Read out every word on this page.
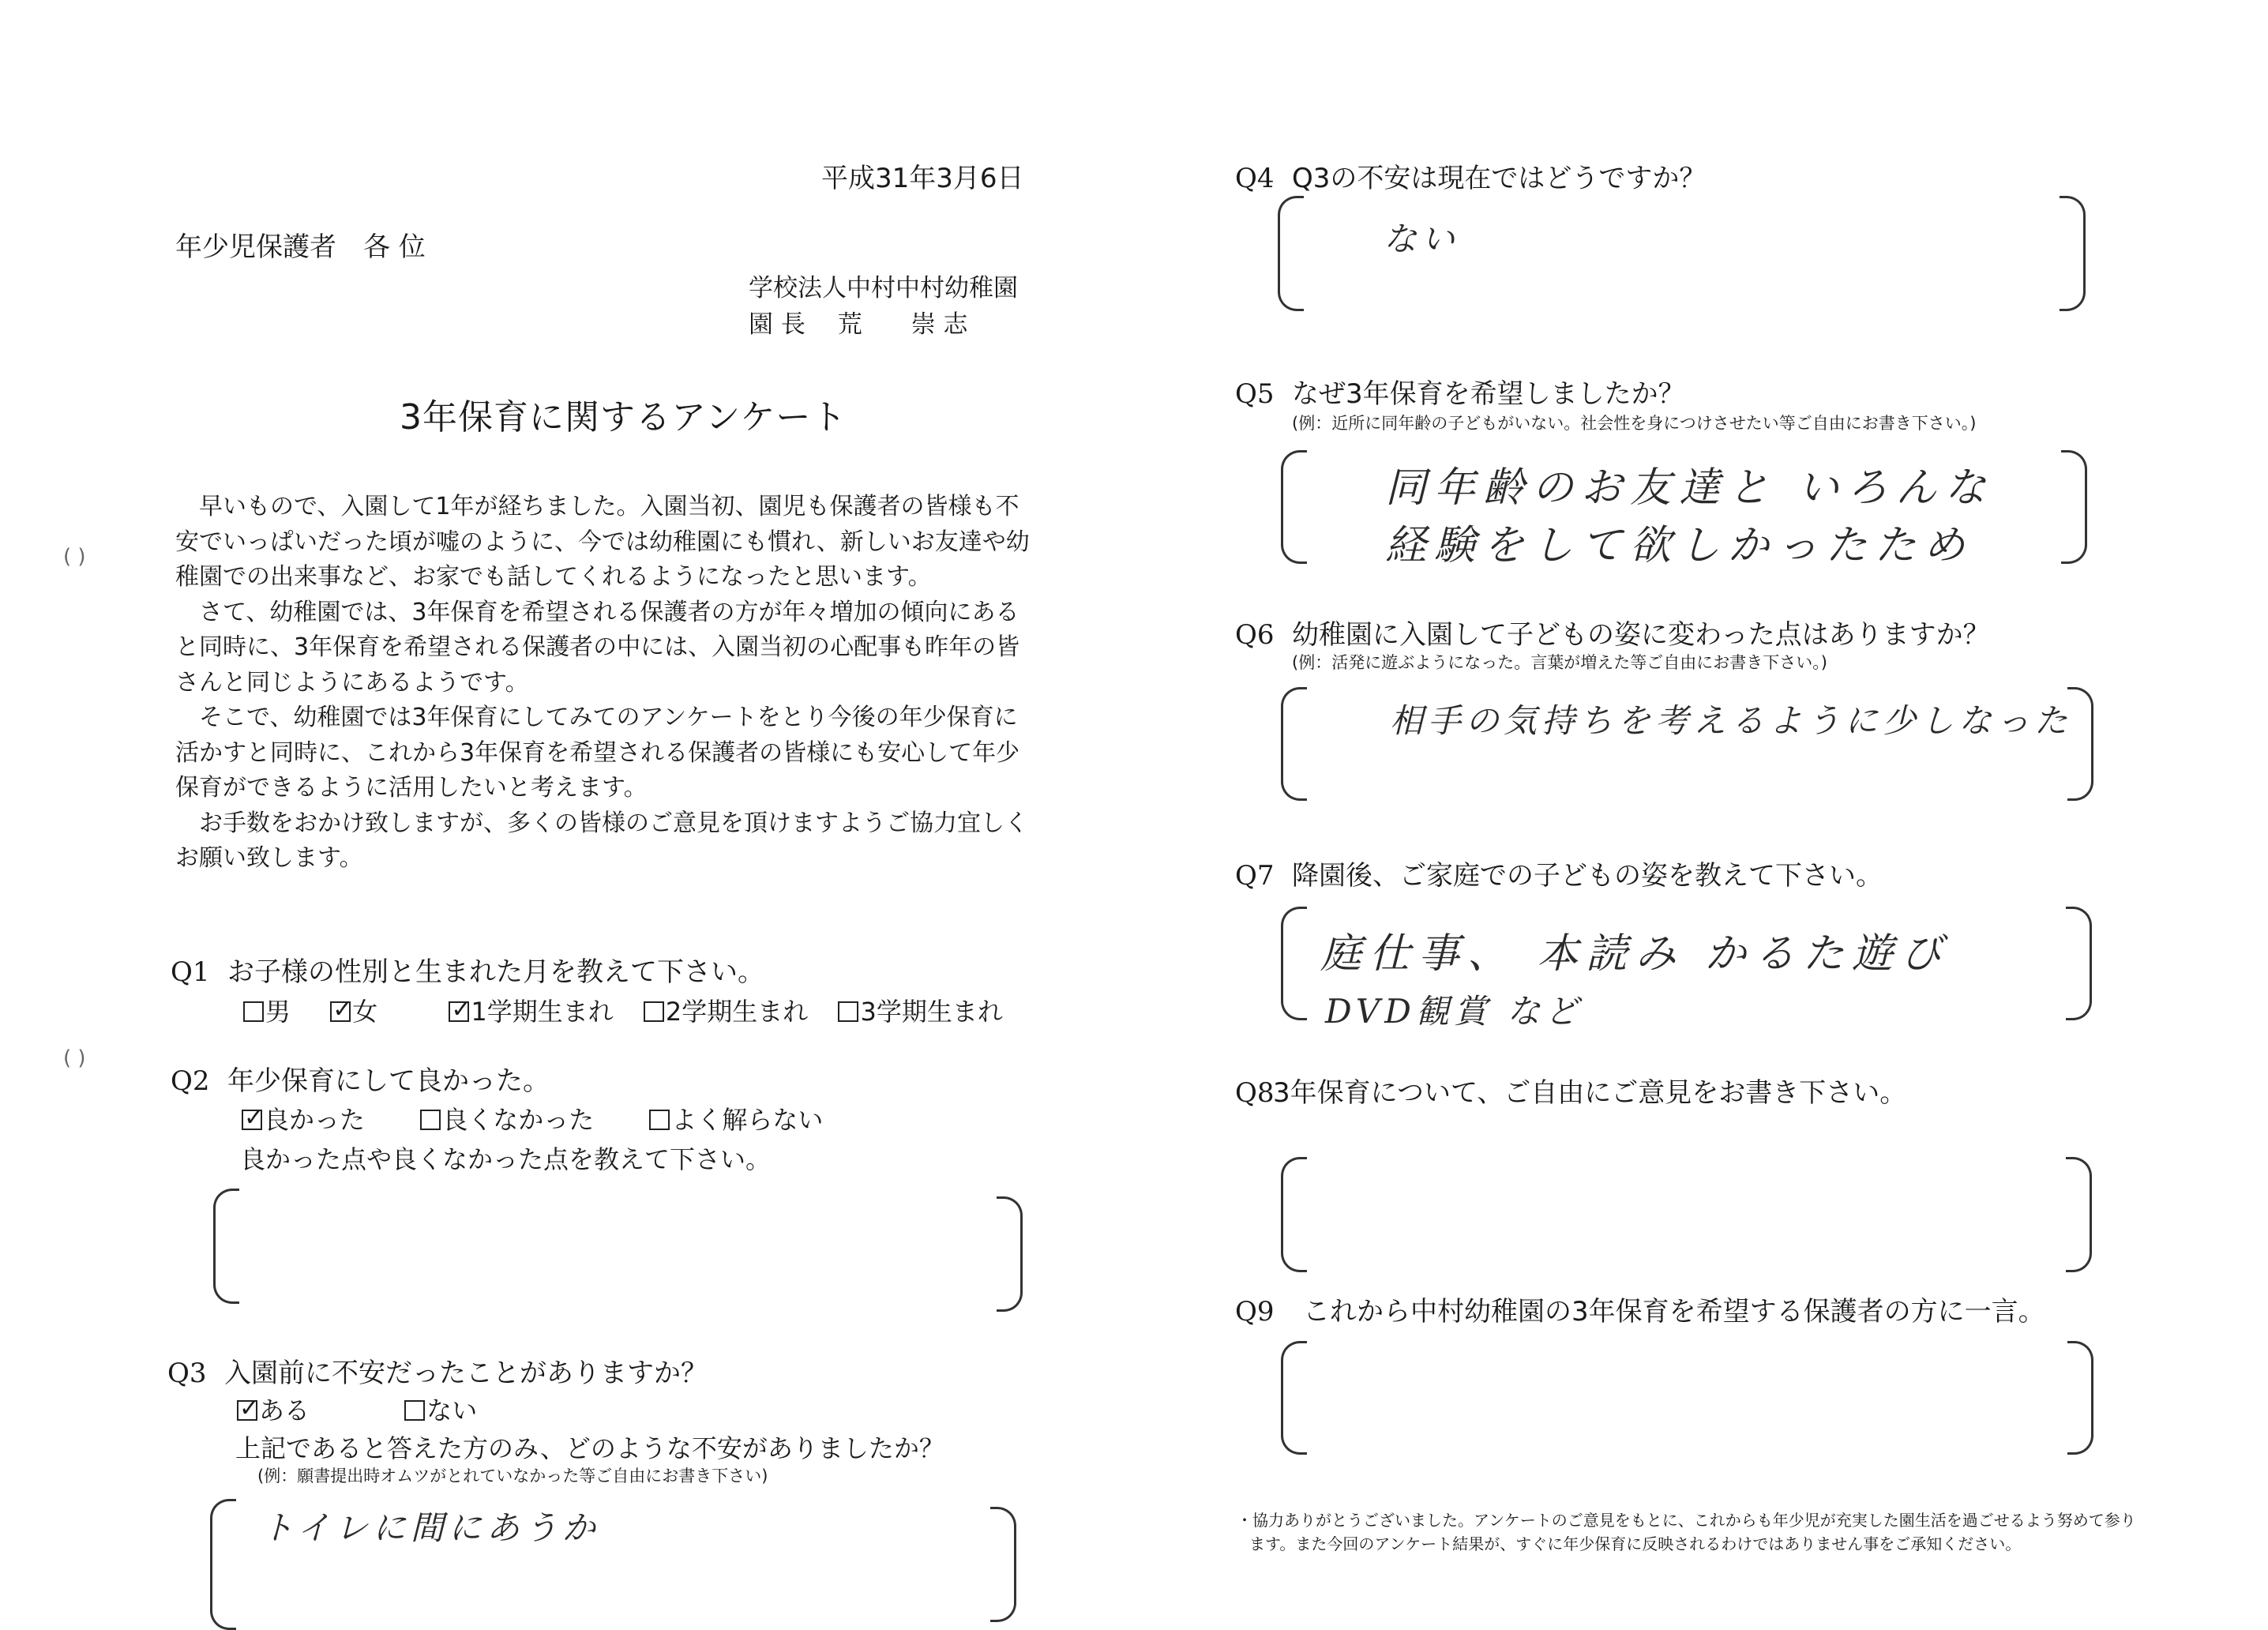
平成31年3月6日
年少児保護者　各 位
学校法人中村中村幼稚園
園 長　 荒　　崇 志
3年保育に関するアンケート

早いもので、入園して1年が経ちました。入園当初、園児も保護者の皆様も不安でいっぱいだった頃が嘘のように、今では幼稚園にも慣れ、新しいお友達や幼稚園での出来事など、お家でも話してくれるようになったと思います。

さて、幼稚園では、3年保育を希望される保護者の方が年々増加の傾向にあると同時に、3年保育を希望される保護者の中には、入園当初の心配事も昨年の皆さんと同じようにあるようです。

そこで、幼稚園では3年保育にしてみてのアンケートをとり今後の年少保育に活かすと同時に、これから3年保育を希望される保護者の皆様にも安心して年少保育ができるように活用したいと考えます。

お手数をおかけ致しますが、多くの皆様のご意見を頂けますようご協力宜しくお願い致します。

Q1 お子様の性別と生まれた月を教えて下さい。
男 ✓ 女 ✓	1学期生まれ 2学期生まれ 3学期生まれ
Q2 年少保育にして良かった。
✓良かった	良くなかった	よく解らない
良かった点や良くなかった点を教えて下さい。
Q3 入園前に不安だったことがありますか？
✓ある	ない
上記であると答えた方のみ、どのような不安がありましたか？
(例：願書提出時オムツがとれていなかった等ご自由にお書き下さい)
トイレに間にあうか
Q4 Q3の不安は現在ではどうですか？
ない
Q5 なぜ3年保育を希望しましたか？
(例：近所に同年齢の子どもがいない。社会性を身につけさせたい等ご自由にお書き下さい。)
同年齢のお友達と いろんな
経験をして欲しかったため
Q6 幼稚園に入園して子どもの姿に変わった点はありますか？
(例：活発に遊ぶようになった。言葉が増えた等ご自由にお書き下さい。)
相手の気持ちを考えるように少しなった
Q7 降園後、ご家庭での子どもの姿を教えて下さい。
庭仕事、 本読み かるた遊び
DVD観賞 など
Q83年保育について、ご自由にご意見をお書き下さい。
Q9 これから中村幼稚園の3年保育を希望する保護者の方に一言。
・協力ありがとうございました。アンケートのご意見をもとに、これからも年少児が充実した園生活を過ごせるよう努めて参り
ます。また今回のアンケート結果が、すぐに年少保育に反映されるわけではありません事をご承知ください。
( )
( )
